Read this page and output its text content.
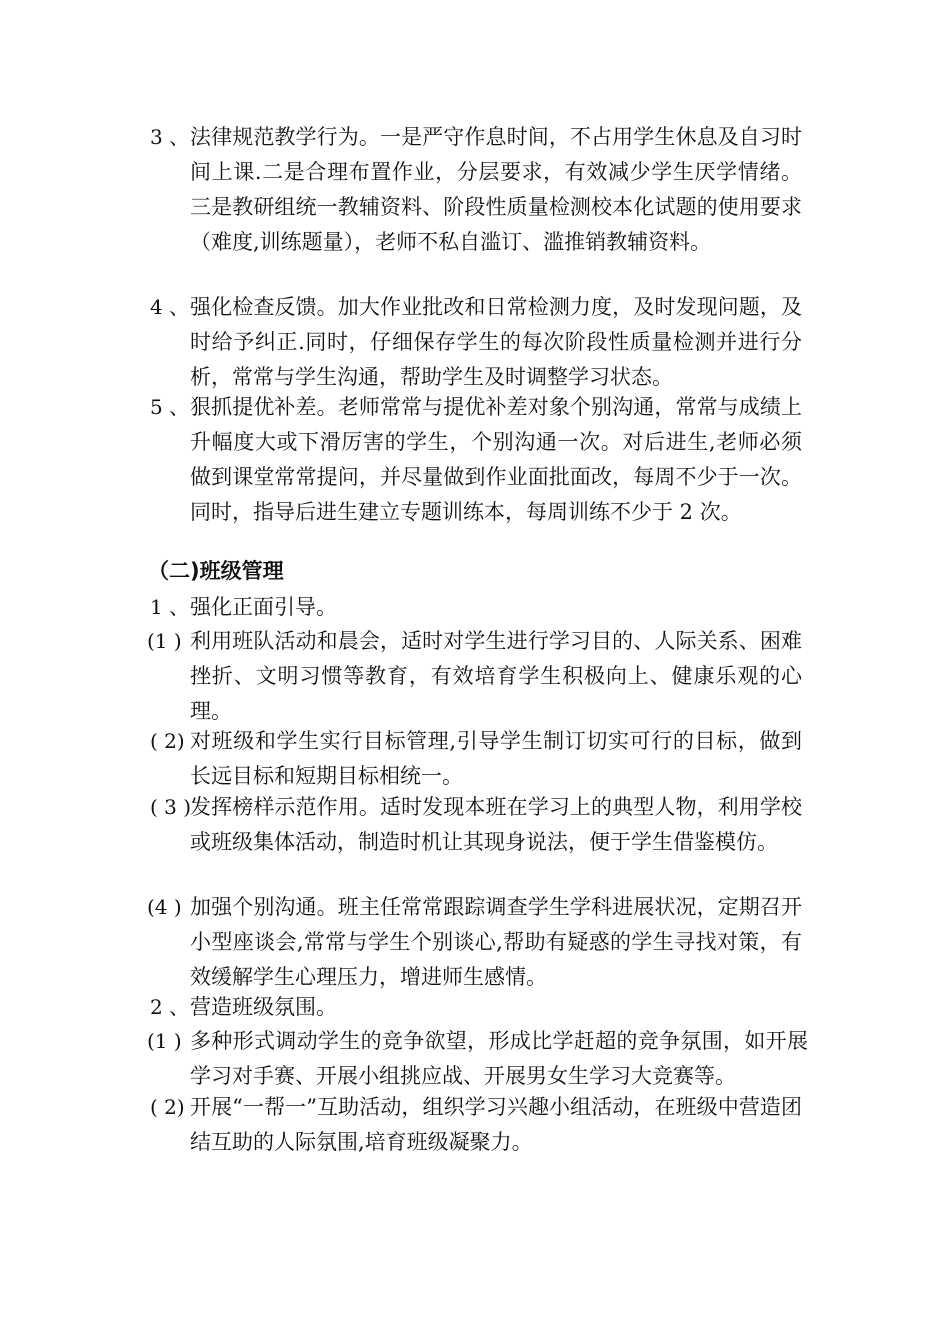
3 、 法律规范教学行为。一是严守作息时间，不占用学生休息及自习时间上课.二是合理布置作业，分层要求，有效减少学生厌学情绪。三是教研组统一教辅资料、阶段性质量检测校本化试题的使用要求（难度,训练题量），老师不私自滥订、滥推销教辅资料。
4 、 强化检查反馈。加大作业批改和日常检测力度，及时发现问题，及时给予纠正.同时，仔细保存学生的每次阶段性质量检测并进行分析，常常与学生沟通，帮助学生及时调整学习状态。
5 、 狠抓提优补差。老师常常与提优补差对象个别沟通，常常与成绩上升幅度大或下滑厉害的学生，个别沟通一次。对后进生,老师必须做到课堂常常提问，并尽量做到作业面批面改，每周不少于一次。同时，指导后进生建立专题训练本，每周训练不少于 2 次。
（二)班级管理
1 、 强化正面引导。
(1 ) 利用班队活动和晨会，适时对学生进行学习目的、人际关系、困难挫折、文明习惯等教育，有效培育学生积极向上、健康乐观的心理。
( 2) 对班级和学生实行目标管理,引导学生制订切实可行的目标，做到长远目标和短期目标相统一。
( 3 )
发挥榜样示范作用。适时发现本班在学习上的典型人物，利用学校或班级集体活动，制造时机让其现身说法，便于学生借鉴模仿。
(4 ) 加强个别沟通。班主任常常跟踪调查学生学科进展状况，定期召开小型座谈会,常常与学生个别谈心,帮助有疑惑的学生寻找对策，有效缓解学生心理压力，增进师生感情。
2 、 营造班级氛围。
(1 ) 多种形式调动学生的竞争欲望，形成比学赶超的竞争氛围，如开展学习对手赛、开展小组挑应战、开展男女生学习大竞赛等。
( 2) 开展“一帮一”互助活动，组织学习兴趣小组活动，在班级中营造团结互助的人际氛围,培育班级凝聚力。
